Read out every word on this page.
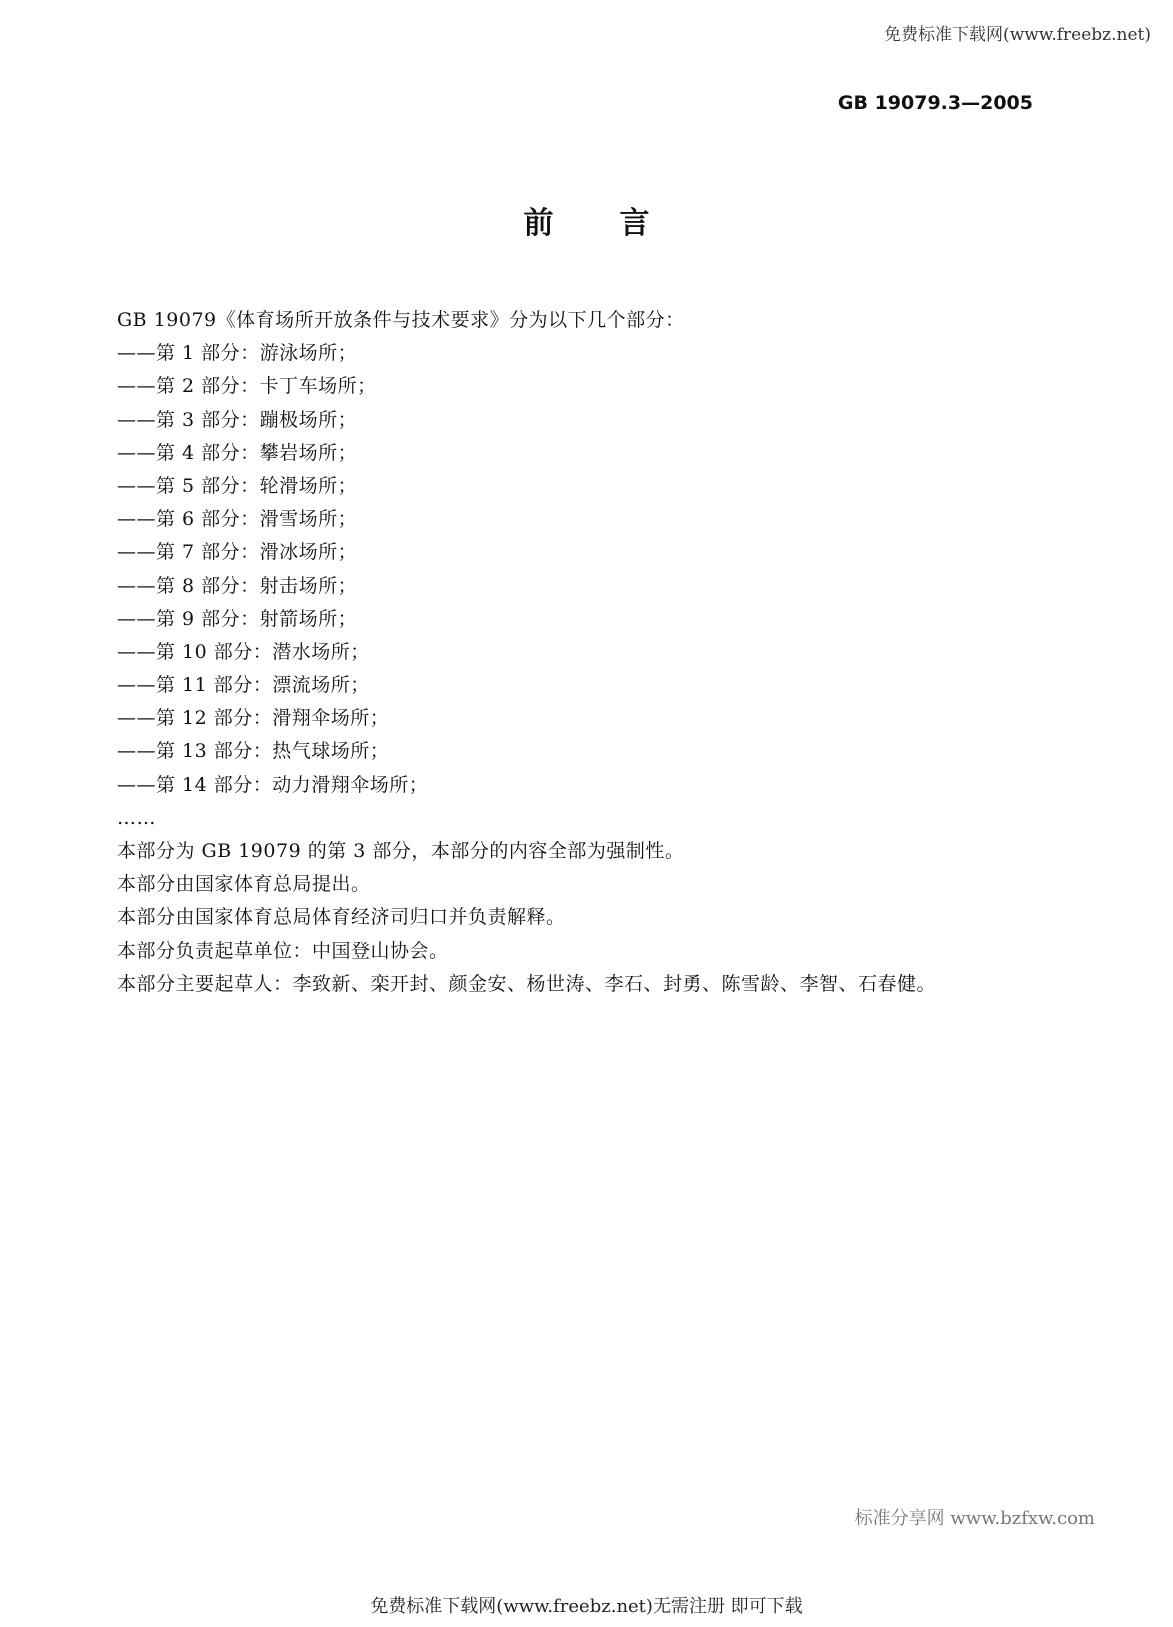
免费标准下载网(www.freebz.net)
GB 19079.3—2005
前言
GB 19079《体育场所开放条件与技术要求》分为以下几个部分：
——第 1 部分：游泳场所；
——第 2 部分：卡丁车场所；
——第 3 部分：蹦极场所；
——第 4 部分：攀岩场所；
——第 5 部分：轮滑场所；
——第 6 部分：滑雪场所；
——第 7 部分：滑冰场所；
——第 8 部分：射击场所；
——第 9 部分：射箭场所；
——第 10 部分：潜水场所；
——第 11 部分：漂流场所；
——第 12 部分：滑翔伞场所；
——第 13 部分：热气球场所；
——第 14 部分：动力滑翔伞场所；
……
本部分为 GB 19079 的第 3 部分，本部分的内容全部为强制性。
本部分由国家体育总局提出。
本部分由国家体育总局体育经济司归口并负责解释。
本部分负责起草单位：中国登山协会。
本部分主要起草人：李致新、栾开封、颜金安、杨世涛、李石、封勇、陈雪龄、李智、石春健。
标准分享网 www.bzfxw.com
免费标准下载网(www.freebz.net)无需注册 即可下载
